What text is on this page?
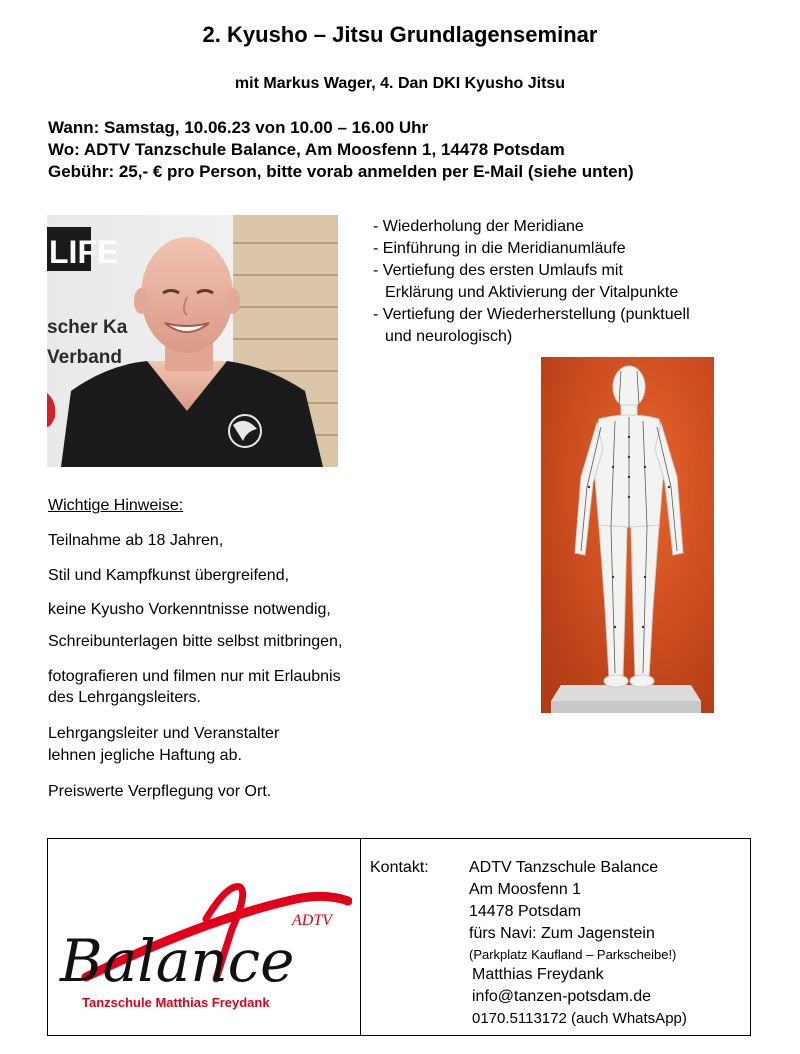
2. Kyusho – Jitsu Grundlagenseminar
mit Markus Wager, 4. Dan DKI Kyusho Jitsu
Wann: Samstag, 10.06.23 von 10.00 – 16.00 Uhr
Wo: ADTV Tanzschule Balance, Am Moosfenn 1, 14478 Potsdam
Gebühr: 25,- € pro Person, bitte vorab anmelden per E-Mail (siehe unten)
LIFE
scher Ka
Verband
- Wiederholung der Meridiane
- Einführung in die Meridianumläufe
- Vertiefung des ersten Umlaufs mit
Erklärung und Aktivierung der Vitalpunkte
- Vertiefung der Wiederherstellung (punktuell
und neurologisch)
Wichtige Hinweise:
Teilnahme ab 18 Jahren,
Stil und Kampfkunst übergreifend,
keine Kyusho Vorkenntnisse notwendig,
Schreibunterlagen bitte selbst mitbringen,
fotografieren und filmen nur mit Erlaubnis
des Lehrgangsleiters.
Lehrgangsleiter und Veranstalter
lehnen jegliche Haftung ab.
Preiswerte Verpflegung vor Ort.
ADTV
Balance
Tanzschule Matthias Freydank
Kontakt:	ADTV Tanzschule Balance
Am Moosfenn 1
14478 Potsdam
fürs Navi: Zum Jagenstein
(Parkplatz Kaufland – Parkscheibe!)
Matthias Freydank
info@tanzen-potsdam.de
0170.5113172 (auch WhatsApp)
